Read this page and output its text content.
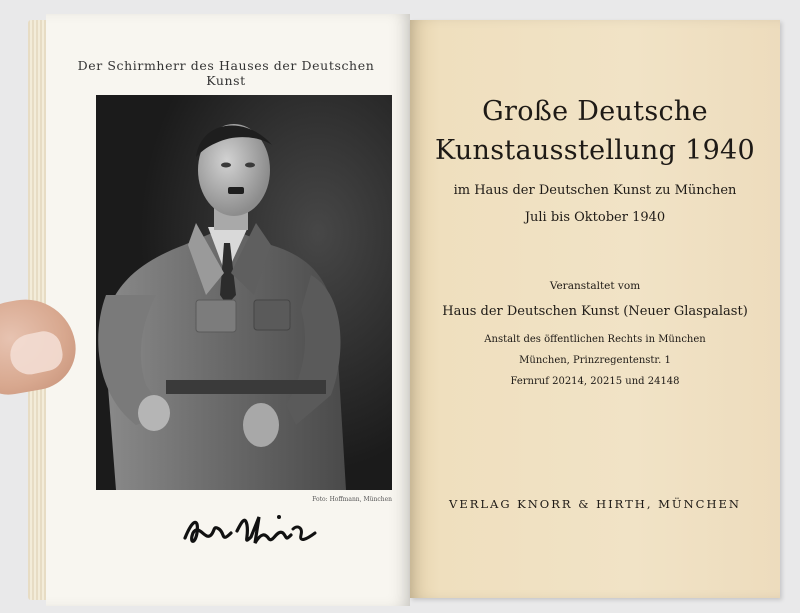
Der Schirmherr des Hauses der Deutschen Kunst
Foto: Hoffmann, München
Große Deutsche
Kunstausstellung 1940
im Haus der Deutschen Kunst zu München
Juli bis Oktober 1940
Veranstaltet vom
Haus der Deutschen Kunst (Neuer Glaspalast)
Anstalt des öffentlichen Rechts in München
München, Prinzregentenstr. 1
Fernruf 20214, 20215 und 24148
VERLAG KNORR & HIRTH, MÜNCHEN
